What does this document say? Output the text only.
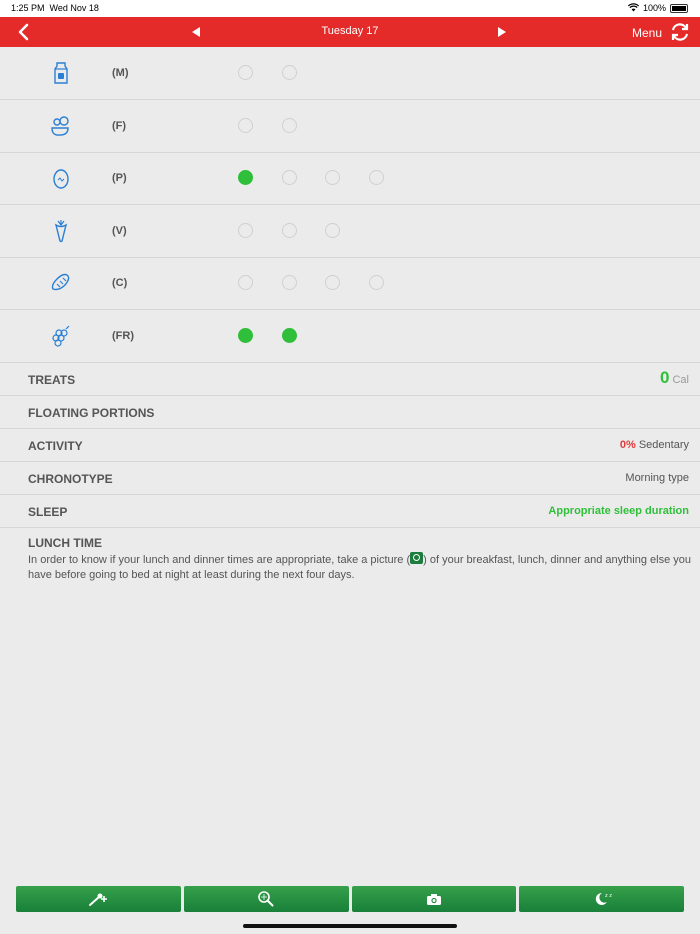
1:25 PM Wed Nov 18	100%
Tuesday 17	Menu
(M)
(F)
(P)
(V)
(C)
(FR)
TREATS	0 Cal
FLOATING PORTIONS
ACTIVITY	0% Sedentary
CHRONOTYPE	Morning type
SLEEP	Appropriate sleep duration
LUNCH TIME
In order to know if your lunch and dinner times are appropriate, take a picture ( ) of your breakfast, lunch, dinner and anything else you have before going to bed at night at least during the next four days.
z z
